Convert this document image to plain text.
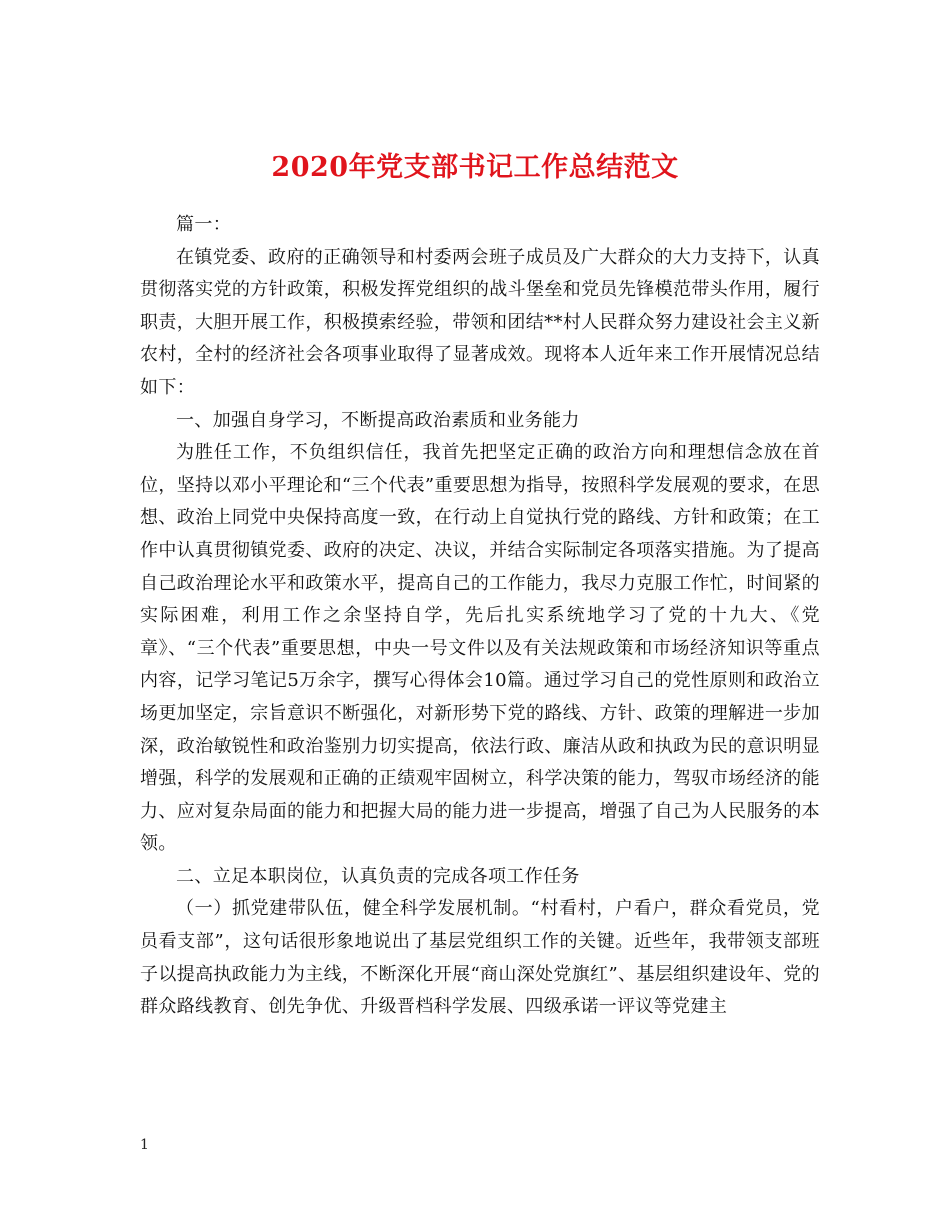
2020年党支部书记工作总结范文

篇一：

在镇党委、政府的正确领导和村委两会班子成员及广大群众的大力支持下，认真贯彻落实党的方针政策，积极发挥党组织的战斗堡垒和党员先锋模范带头作用，履行职责，大胆开展工作，积极摸索经验，带领和团结**村人民群众努力建设社会主义新农村，全村的经济社会各项事业取得了显著成效。现将本人近年来工作开展情况总结如下：

一、加强自身学习，不断提高政治素质和业务能力

为胜任工作，不负组织信任，我首先把坚定正确的政治方向和理想信念放在首位，坚持以邓小平理论和“三个代表”重要思想为指导，按照科学发展观的要求，在思想、政治上同党中央保持高度一致，在行动上自觉执行党的路线、方针和政策；在工作中认真贯彻镇党委、政府的决定、决议，并结合实际制定各项落实措施。为了提高自己政治理论水平和政策水平，提高自己的工作能力，我尽力克服工作忙，时间紧的实际困难，利用工作之余坚持自学，先后扎实系统地学习了党的十九大、《党章》、“三个代表”重要思想，中央一号文件以及有关法规政策和市场经济知识等重点内容，记学习笔记5万余字，撰写心得体会10篇。通过学习自己的党性原则和政治立场更加坚定，宗旨意识不断强化，对新形势下党的路线、方针、政策的理解进一步加深，政治敏锐性和政治鉴别力切实提高，依法行政、廉洁从政和执政为民的意识明显增强，科学的发展观和正确的正绩观牢固树立，科学决策的能力，驾驭市场经济的能力、应对复杂局面的能力和把握大局的能力进一步提高，增强了自己为人民服务的本领。

二、立足本职岗位，认真负责的完成各项工作任务

（一）抓党建带队伍，健全科学发展机制。“村看村，户看户，群众看党员，党员看支部”，这句话很形象地说出了基层党组织工作的关键。近些年，我带领支部班子以提高执政能力为主线，不断深化开展“商山深处党旗红”、基层组织建设年、党的群众路线教育、创先争优、升级晋档科学发展、四级承诺一评议等党建主

1
